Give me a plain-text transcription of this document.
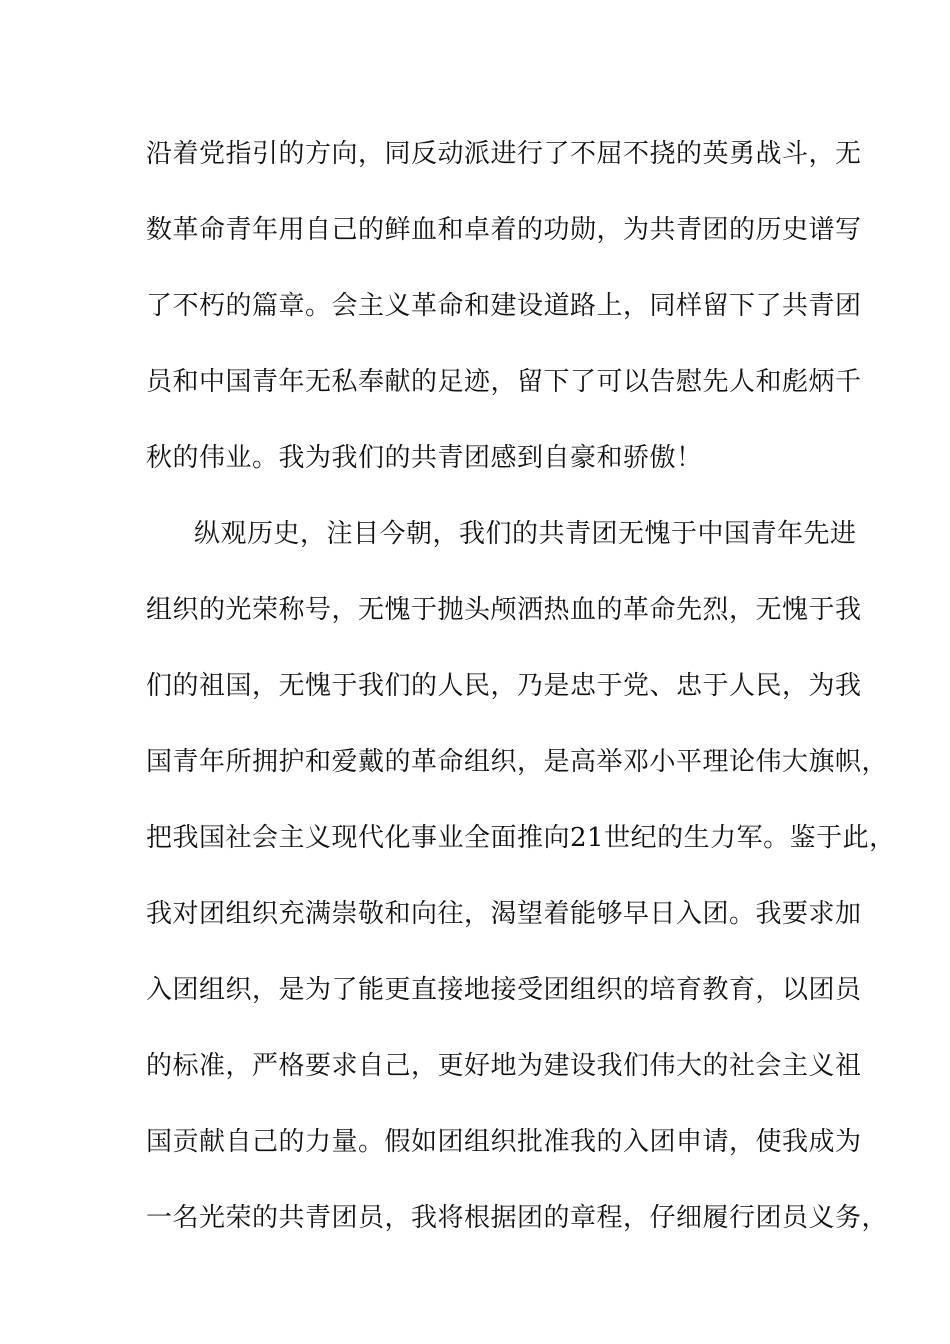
沿着党指引的方向，同反动派进行了不屈不挠的英勇战斗，无
数革命青年用自己的鲜血和卓着的功勋，为共青团的历史谱写
了不朽的篇章。会主义革命和建设道路上，同样留下了共青团
员和中国青年无私奉献的足迹，留下了可以告慰先人和彪炳千
秋的伟业。我为我们的共青团感到自豪和骄傲！
纵观历史，注目今朝，我们的共青团无愧于中国青年先进
组织的光荣称号，无愧于抛头颅洒热血的革命先烈，无愧于我
们的祖国，无愧于我们的人民，乃是忠于党、忠于人民，为我
国青年所拥护和爱戴的革命组织，是高举邓小平理论伟大旗帜，
把我国社会主义现代化事业全面推向21世纪的生力军。鉴于此，
我对团组织充满崇敬和向往，渴望着能够早日入团。我要求加
入团组织，是为了能更直接地接受团组织的培育教育，以团员
的标准，严格要求自己，更好地为建设我们伟大的社会主义祖
国贡献自己的力量。假如团组织批准我的入团申请，使我成为
一名光荣的共青团员，我将根据团的章程，仔细履行团员义务，
